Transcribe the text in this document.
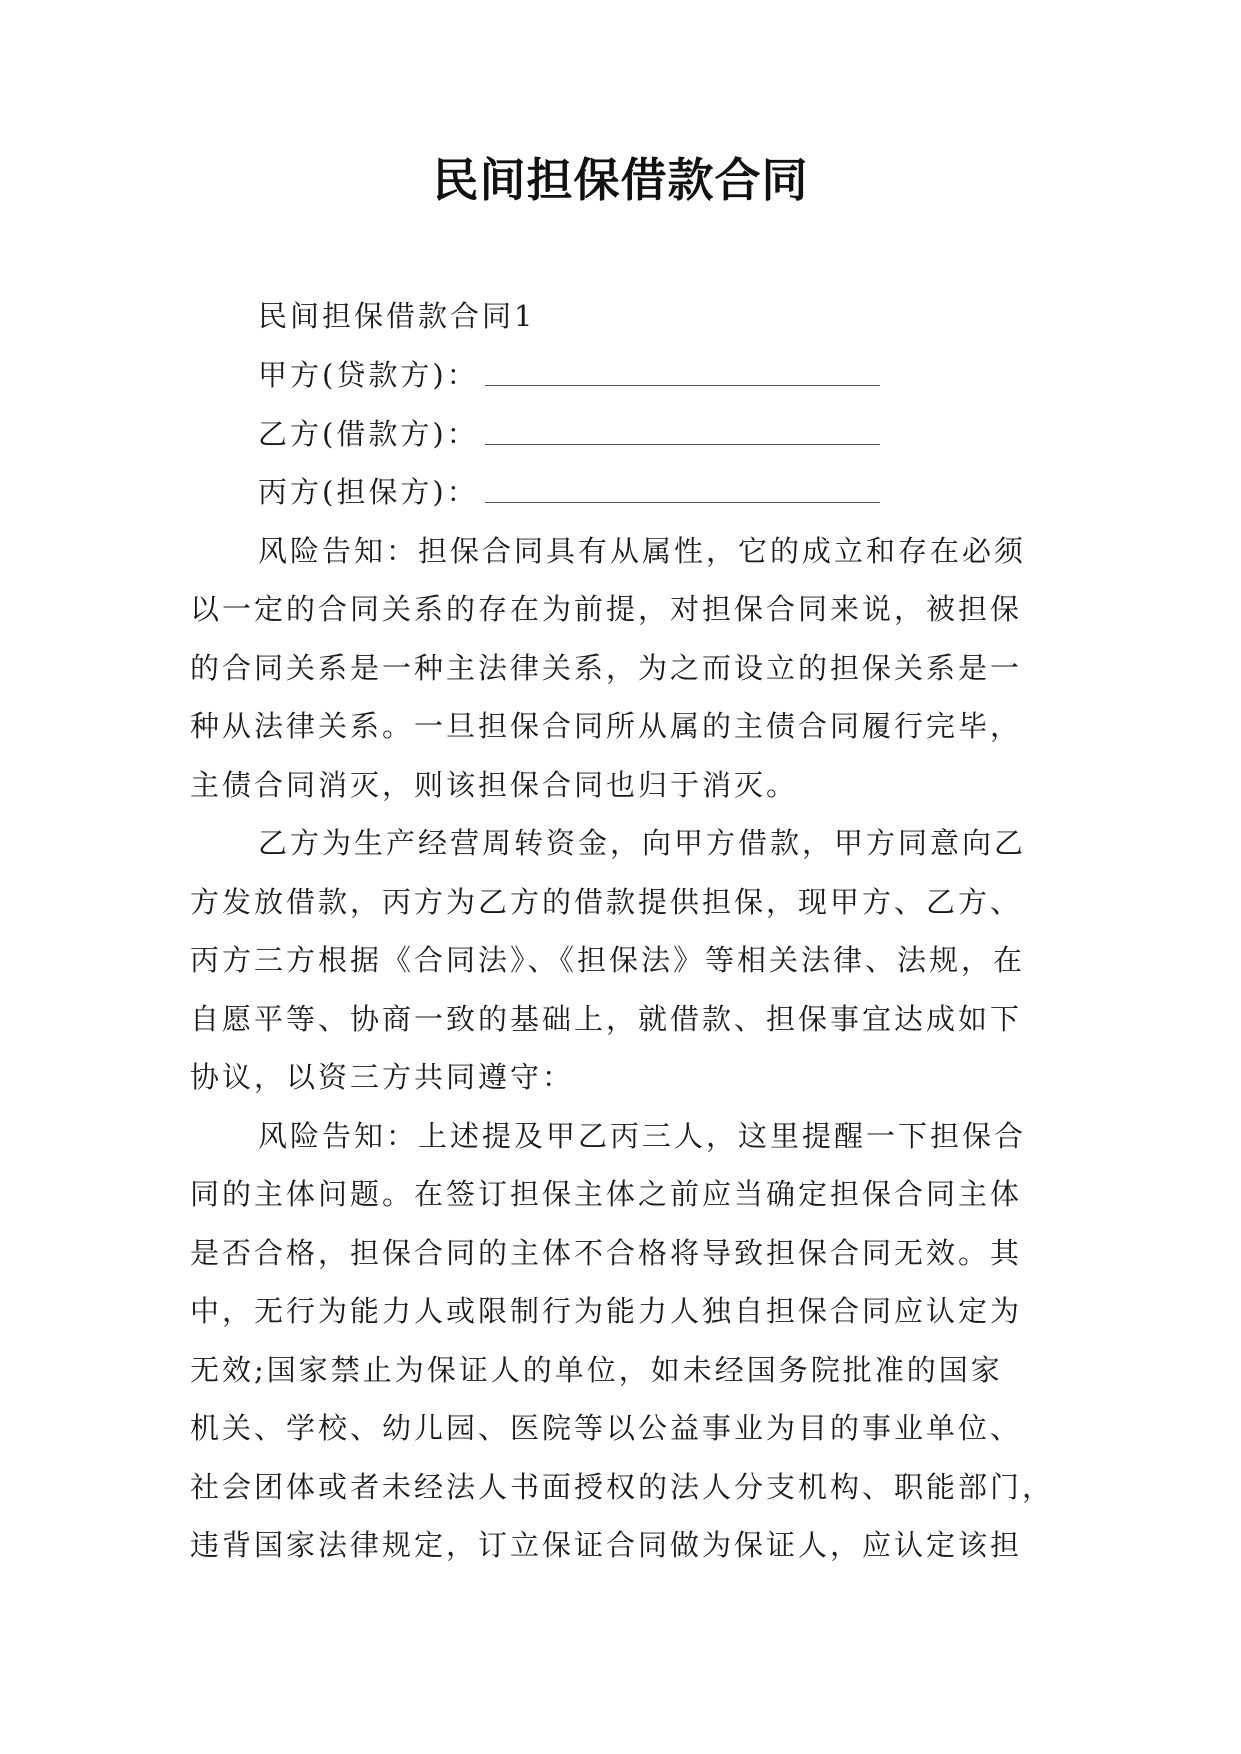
民间担保借款合同
民间担保借款合同1
甲方(贷款方)：
乙方(借款方)：
丙方(担保方)：
风险告知：担保合同具有从属性，它的成立和存在必须
以一定的合同关系的存在为前提，对担保合同来说，被担保
的合同关系是一种主法律关系，为之而设立的担保关系是一
种从法律关系。一旦担保合同所从属的主债合同履行完毕，
主债合同消灭，则该担保合同也归于消灭。
乙方为生产经营周转资金，向甲方借款，甲方同意向乙
方发放借款，丙方为乙方的借款提供担保，现甲方、乙方、
丙方三方根据《合同法》、《担保法》等相关法律、法规，在
自愿平等、协商一致的基础上，就借款、担保事宜达成如下
协议，以资三方共同遵守：
风险告知：上述提及甲乙丙三人，这里提醒一下担保合
同的主体问题。在签订担保主体之前应当确定担保合同主体
是否合格，担保合同的主体不合格将导致担保合同无效。其
中，无行为能力人或限制行为能力人独自担保合同应认定为
无效;国家禁止为保证人的单位，如未经国务院批准的国家
机关、学校、幼儿园、医院等以公益事业为目的事业单位、
社会团体或者未经法人书面授权的法人分支机构、职能部门，
违背国家法律规定，订立保证合同做为保证人，应认定该担
